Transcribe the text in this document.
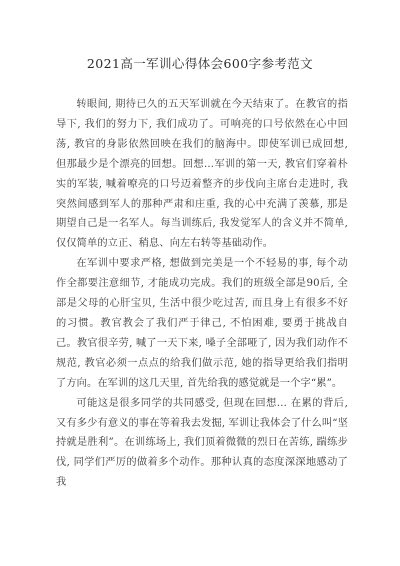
2021高一军训心得体会600字参考范文

转眼间, 期待已久的五天军训就在今天结束了。在教官的指导下, 我们的努力下, 我们成功了。可响亮的口号依然在心中回荡, 教官的身影依然回映在我们的脑海中。即使军训已成回想, 但那最少是个漂亮的回想。回想…军训的第一天, 教官们穿着朴实的军装, 喊着嘹亮的口号迈着整齐的步伐向主席台走进时, 我突然间感到军人的那种严肃和庄重, 我的心中充满了羡慕, 那是期望自己是一名军人。每当训练后, 我发觉军人的含义并不简单, 仅仅简单的立正、稍息、向左右转等基础动作。

在军训中要求严格, 想做到完美是一个不轻易的事, 每个动作全都要注意细节, 才能成功完成。我们的班级全部是90后, 全部是父母的心肝宝贝, 生活中很少吃过苦, 而且身上有很多不好的习惯。教官教会了我们严于律己, 不怕困难, 要勇于挑战自己。教官很辛劳, 喊了一天下来, 嗓子全部哑了, 因为我们动作不规范, 教官必须一点点的给我们做示范, 她的指导更给我们指明了方向。在军训的这几天里, 首先给我的感觉就是一个字“累”。

可能这是很多同学的共同感受, 但现在回想… 在累的背后, 又有多少有意义的事在等着我去发掘, 军训让我体会了什么叫“坚持就是胜利”。在训练场上, 我们顶着微微的烈日在苦练, 踹练步伐, 同学们严厉的做着多个动作。那种认真的态度深深地感动了我
